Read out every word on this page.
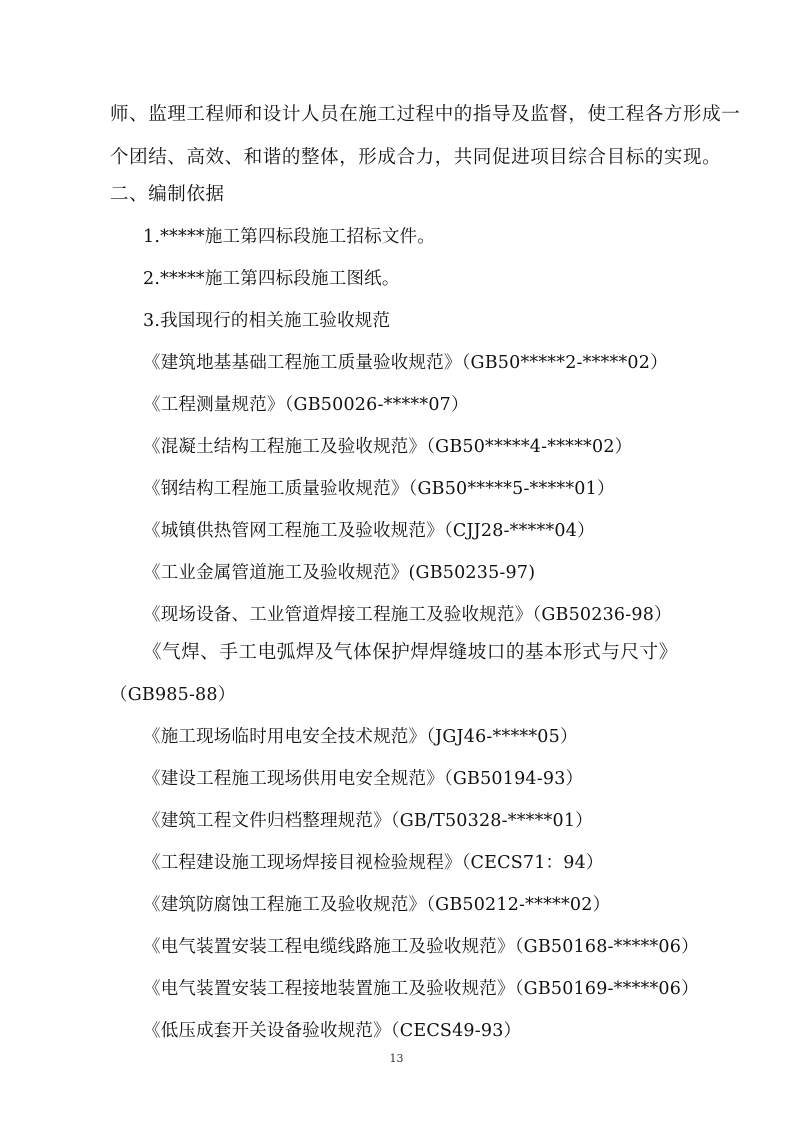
师、监理工程师和设计人员在施工过程中的指导及监督，使工程各方形成一
个团结、高效、和谐的整体，形成合力，共同促进项目综合目标的实现。
二、编制依据
1.*****施工第四标段施工招标文件。
2.*****施工第四标段施工图纸。
3.我国现行的相关施工验收规范
《建筑地基基础工程施工质量验收规范》（GB50*****2-*****02）
《工程测量规范》（GB50026-*****07）
《混凝土结构工程施工及验收规范》（GB50*****4-*****02）
《钢结构工程施工质量验收规范》（GB50*****5-*****01）
《城镇供热管网工程施工及验收规范》（CJJ28-*****04）
《工业金属管道施工及验收规范》(GB50235-97)
《现场设备、工业管道焊接工程施工及验收规范》（GB50236-98）
《气焊、手工电弧焊及气体保护焊焊缝坡口的基本形式与尺寸》
（GB985-88）
《施工现场临时用电安全技术规范》（JGJ46-*****05）
《建设工程施工现场供用电安全规范》（GB50194-93）
《建筑工程文件归档整理规范》（GB/T50328-*****01）
《工程建设施工现场焊接目视检验规程》（CECS71：94）
《建筑防腐蚀工程施工及验收规范》（GB50212-*****02）
《电气装置安装工程电缆线路施工及验收规范》（GB50168-*****06）
《电气装置安装工程接地装置施工及验收规范》（GB50169-*****06）
《低压成套开关设备验收规范》（CECS49-93）
13
